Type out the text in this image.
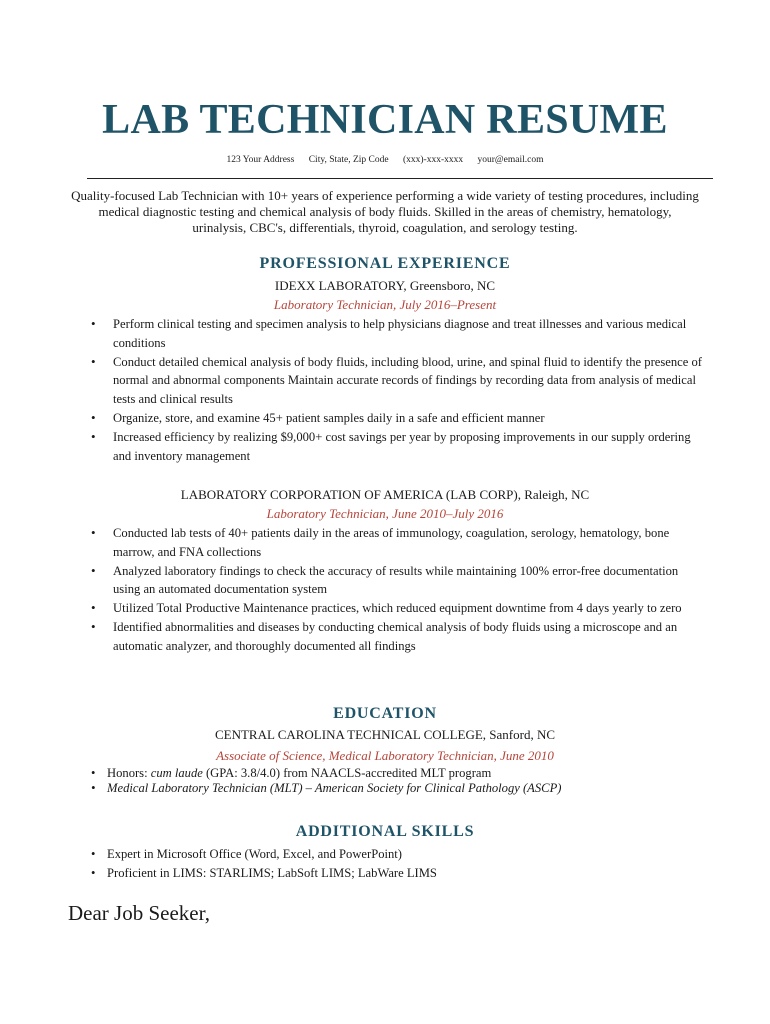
LAB TECHNICIAN RESUME
123 Your Address City, State, Zip Code (xxx)-xxx-xxxx your@email.com

Quality-focused Lab Technician with 10+ years of experience performing a wide variety of testing procedures, including medical diagnostic testing and chemical analysis of body fluids. Skilled in the areas of chemistry, hematology, urinalysis, CBC's, differentials, thyroid, coagulation, and serology testing.

PROFESSIONAL EXPERIENCE
IDEXX LABORATORY, Greensboro, NC
Laboratory Technician, July 2016–Present
• Perform clinical testing and specimen analysis to help physicians diagnose and treat illnesses and various medical conditions
• Conduct detailed chemical analysis of body fluids, including blood, urine, and spinal fluid to identify the presence of normal and abnormal components Maintain accurate records of findings by recording data from analysis of medical tests and clinical results
• Organize, store, and examine 45+ patient samples daily in a safe and efficient manner
• Increased efficiency by realizing $9,000+ cost savings per year by proposing improvements in our supply ordering and inventory management
LABORATORY CORPORATION OF AMERICA (LAB CORP), Raleigh, NC
Laboratory Technician, June 2010–July 2016
• Conducted lab tests of 40+ patients daily in the areas of immunology, coagulation, serology, hematology, bone marrow, and FNA collections
• Analyzed laboratory findings to check the accuracy of results while maintaining 100% error-free documentation using an automated documentation system
• Utilized Total Productive Maintenance practices, which reduced equipment downtime from 4 days yearly to zero
• Identified abnormalities and diseases by conducting chemical analysis of body fluids using a microscope and an automatic analyzer, and thoroughly documented all findings
EDUCATION
CENTRAL CAROLINA TECHNICAL COLLEGE, Sanford, NC
Associate of Science, Medical Laboratory Technician, June 2010
• Honors: cum laude (GPA: 3.8/4.0) from NAACLS-accredited MLT program
• Medical Laboratory Technician (MLT) – American Society for Clinical Pathology (ASCP)
ADDITIONAL SKILLS
• Expert in Microsoft Office (Word, Excel, and PowerPoint)
• Proficient in LIMS: STARLIMS; LabSoft LIMS; LabWare LIMS
Dear Job Seeker,
